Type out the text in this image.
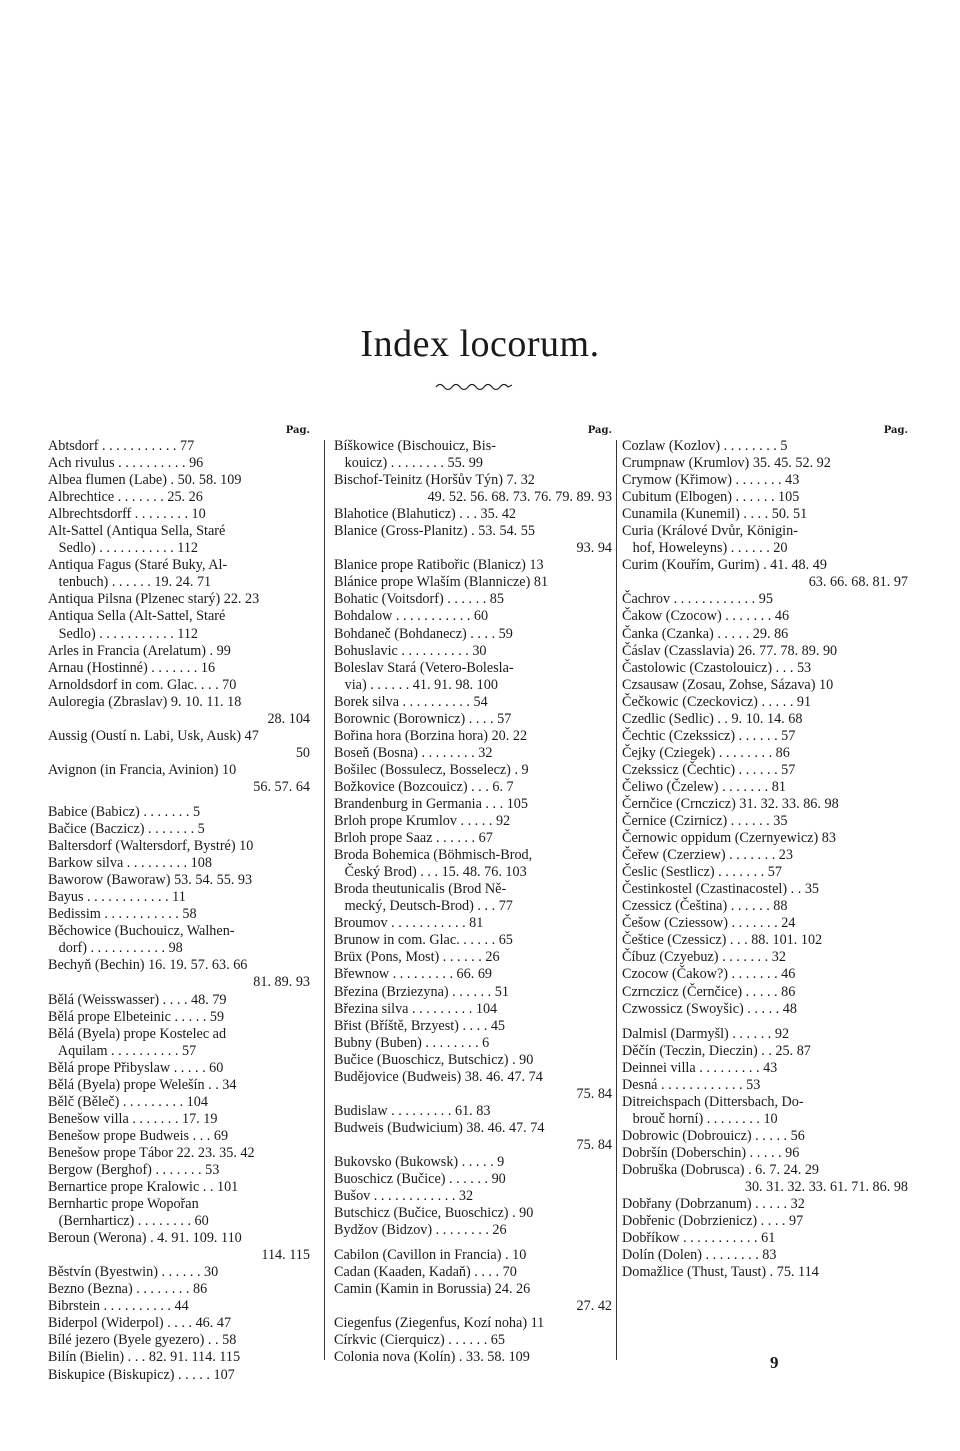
Index locorum.
Pag.
Abtsdorf . . . . . . . . . . . 77
Ach rivulus . . . . . . . . . . 96
Albea flumen (Labe) . 50. 58. 109
Albrechtice . . . . . . . 25. 26
Albrechtsdorff . . . . . . . . 10
Alt-Sattel (Antiqua Sella, Staré
Sedlo) . . . . . . . . . . . 112
Antiqua Fagus (Staré Buky, Al-
tenbuch) . . . . . . 19. 24. 71
Antiqua Pilsna (Plzenec starý) 22. 23
Antiqua Sella (Alt-Sattel, Staré
Sedlo) . . . . . . . . . . . 112
Arles in Francia (Arelatum) . 99
Arnau (Hostinné) . . . . . . . 16
Arnoldsdorf in com. Glac. . . . 70
Auloregia (Zbraslav) 9. 10. 11. 18
28. 104
Aussig (Oustí n. Labi, Usk, Ausk) 47
50
Avignon (in Francia, Avinion) 10
56. 57. 64
Babice (Babicz) . . . . . . . 5
Bačice (Baczicz) . . . . . . . 5
Baltersdorf (Waltersdorf, Bystré) 10
Barkow silva . . . . . . . . . 108
Baworow (Baworaw) 53. 54. 55. 93
Bayus . . . . . . . . . . . . 11
Bedissim . . . . . . . . . . . 58
Běchowice (Buchouicz, Walhen-
dorf) . . . . . . . . . . . 98
Bechyň (Bechin) 16. 19. 57. 63. 66
81. 89. 93
Bělá (Weisswasser) . . . . 48. 79
Bělá prope Elbeteinic . . . . . 59
Bělá (Byela) prope Kostelec ad
Aquilam . . . . . . . . . . 57
Bělá prope Přibyslaw . . . . . 60
Bělá (Byela) prope Welešín . . 34
Bělč (Běleč) . . . . . . . . . 104
Benešow villa . . . . . . . 17. 19
Benešow prope Budweis . . . 69
Benešow prope Tábor 22. 23. 35. 42
Bergow (Berghof) . . . . . . . 53
Bernartice prope Kralowic . . 101
Bernhartic prope Wopořan
(Bernharticz) . . . . . . . . 60
Beroun (Werona) . 4. 91. 109. 110
114. 115
Běstvín (Byestwin) . . . . . . 30
Bezno (Bezna) . . . . . . . . 86
Bibrstein . . . . . . . . . . 44
Biderpol (Widerpol) . . . . 46. 47
Bílé jezero (Byele gyezero) . . 58
Bilín (Bielin) . . . 82. 91. 114. 115
Biskupice (Biskupicz) . . . . . 107
Pag.
Bíškowice (Bischouicz, Bis-
kouicz) . . . . . . . . 55. 99
Bischof-Teinitz (Horšův Týn) 7. 32
49. 52. 56. 68. 73. 76. 79. 89. 93
Blahotice (Blahuticz) . . . 35. 42
Blanice (Gross-Planitz) . 53. 54. 55
93. 94
Blanice prope Ratibořic (Blanicz) 13
Blánice prope Wlaším (Blannicze) 81
Bohatic (Voitsdorf) . . . . . . 85
Bohdalow . . . . . . . . . . . 60
Bohdaneč (Bohdanecz) . . . . 59
Bohuslavic . . . . . . . . . . 30
Boleslav Stará (Vetero-Bolesla-
via) . . . . . . 41. 91. 98. 100
Borek silva . . . . . . . . . . 54
Borownic (Borownicz) . . . . 57
Bořina hora (Borzina hora) 20. 22
Boseň (Bosna) . . . . . . . . 32
Bošilec (Bossulecz, Bosselecz) . 9
Božkovice (Bozcouicz) . . . 6. 7
Brandenburg in Germania . . . 105
Brloh prope Krumlov . . . . . 92
Brloh prope Saaz . . . . . . 67
Broda Bohemica (Böhmisch-Brod,
Český Brod) . . . 15. 48. 76. 103
Broda theutunicalis (Brod Ně-
mecký, Deutsch-Brod) . . . 77
Broumov . . . . . . . . . . . 81
Brunow in com. Glac. . . . . . 65
Brüx (Pons, Most) . . . . . . 26
Břewnow . . . . . . . . . 66. 69
Březina (Brziezyna) . . . . . . 51
Březina silva . . . . . . . . . 104
Břist (Bříště, Brzyest) . . . . 45
Bubny (Buben) . . . . . . . . 6
Bučice (Buoschicz, Butschicz) . 90
Budějovice (Budweis) 38. 46. 47. 74
75. 84
Budislaw . . . . . . . . . 61. 83
Budweis (Budwicium) 38. 46. 47. 74
75. 84
Bukovsko (Bukowsk) . . . . . 9
Buoschicz (Bučice) . . . . . . 90
Bušov . . . . . . . . . . . . 32
Butschicz (Bučice, Buoschicz) . 90
Bydžov (Bidzov) . . . . . . . . 26
Cabilon (Cavillon in Francia) . 10
Cadan (Kaaden, Kadaň) . . . . 70
Camin (Kamin in Borussia) 24. 26
27. 42
Ciegenfus (Ziegenfus, Kozí noha) 11
Církvic (Cierquicz) . . . . . . 65
Colonia nova (Kolín) . 33. 58. 109
Pag.
Cozlaw (Kozlov) . . . . . . . . 5
Crumpnaw (Krumlov) 35. 45. 52. 92
Crymow (Křimow) . . . . . . . 43
Cubitum (Elbogen) . . . . . . 105
Cunamila (Kunemil) . . . . 50. 51
Curia (Králové Dvůr, Königin-
hof, Howeleyns) . . . . . . 20
Curim (Kouřím, Gurim) . 41. 48. 49
63. 66. 68. 81. 97
Čachrov . . . . . . . . . . . . 95
Čakow (Czocow) . . . . . . . 46
Čanka (Czanka) . . . . . 29. 86
Čáslav (Czasslavia) 26. 77. 78. 89. 90
Častolowic (Czastolouicz) . . . 53
Czsausaw (Zosau, Zohse, Sázava) 10
Čečkowic (Czeckovicz) . . . . . 91
Czedlic (Sedlic) . . 9. 10. 14. 68
Čechtic (Czekssicz) . . . . . . 57
Čejky (Cziegek) . . . . . . . . 86
Czekssicz (Čechtic) . . . . . . 57
Čeliwo (Čzelew) . . . . . . . 81
Černčice (Crnczicz) 31. 32. 33. 86. 98
Černice (Czirnicz) . . . . . . 35
Černowic oppidum (Czernyewicz) 83
Čeřew (Czerziew) . . . . . . . 23
Česlic (Sestlicz) . . . . . . . 57
Čestinkostel (Czastinacostel) . . 35
Czessicz (Čeština) . . . . . . 88
Češow (Cziessow) . . . . . . . 24
Češtice (Czessicz) . . . 88. 101. 102
Číbuz (Czyebuz) . . . . . . . 32
Czocow (Čakow?) . . . . . . . 46
Czrnczicz (Černčice) . . . . . 86
Czwossicz (Swoyšic) . . . . . 48
Dalmisl (Darmyšl) . . . . . . 92
Děčín (Teczin, Dieczin) . . 25. 87
Deinnei villa . . . . . . . . . 43
Desná . . . . . . . . . . . . 53
Ditreichspach (Dittersbach, Do-
brouč horní) . . . . . . . . 10
Dobrowic (Dobrouicz) . . . . . 56
Dobršín (Doberschin) . . . . . 96
Dobruška (Dobrusca) . 6. 7. 24. 29
30. 31. 32. 33. 61. 71. 86. 98
Dobřany (Dobrzanum) . . . . . 32
Dobřenic (Dobrzienicz) . . . . 97
Dobříkow . . . . . . . . . . . 61
Dolín (Dolen) . . . . . . . . 83
Domažlice (Thust, Taust) . 75. 114
9
